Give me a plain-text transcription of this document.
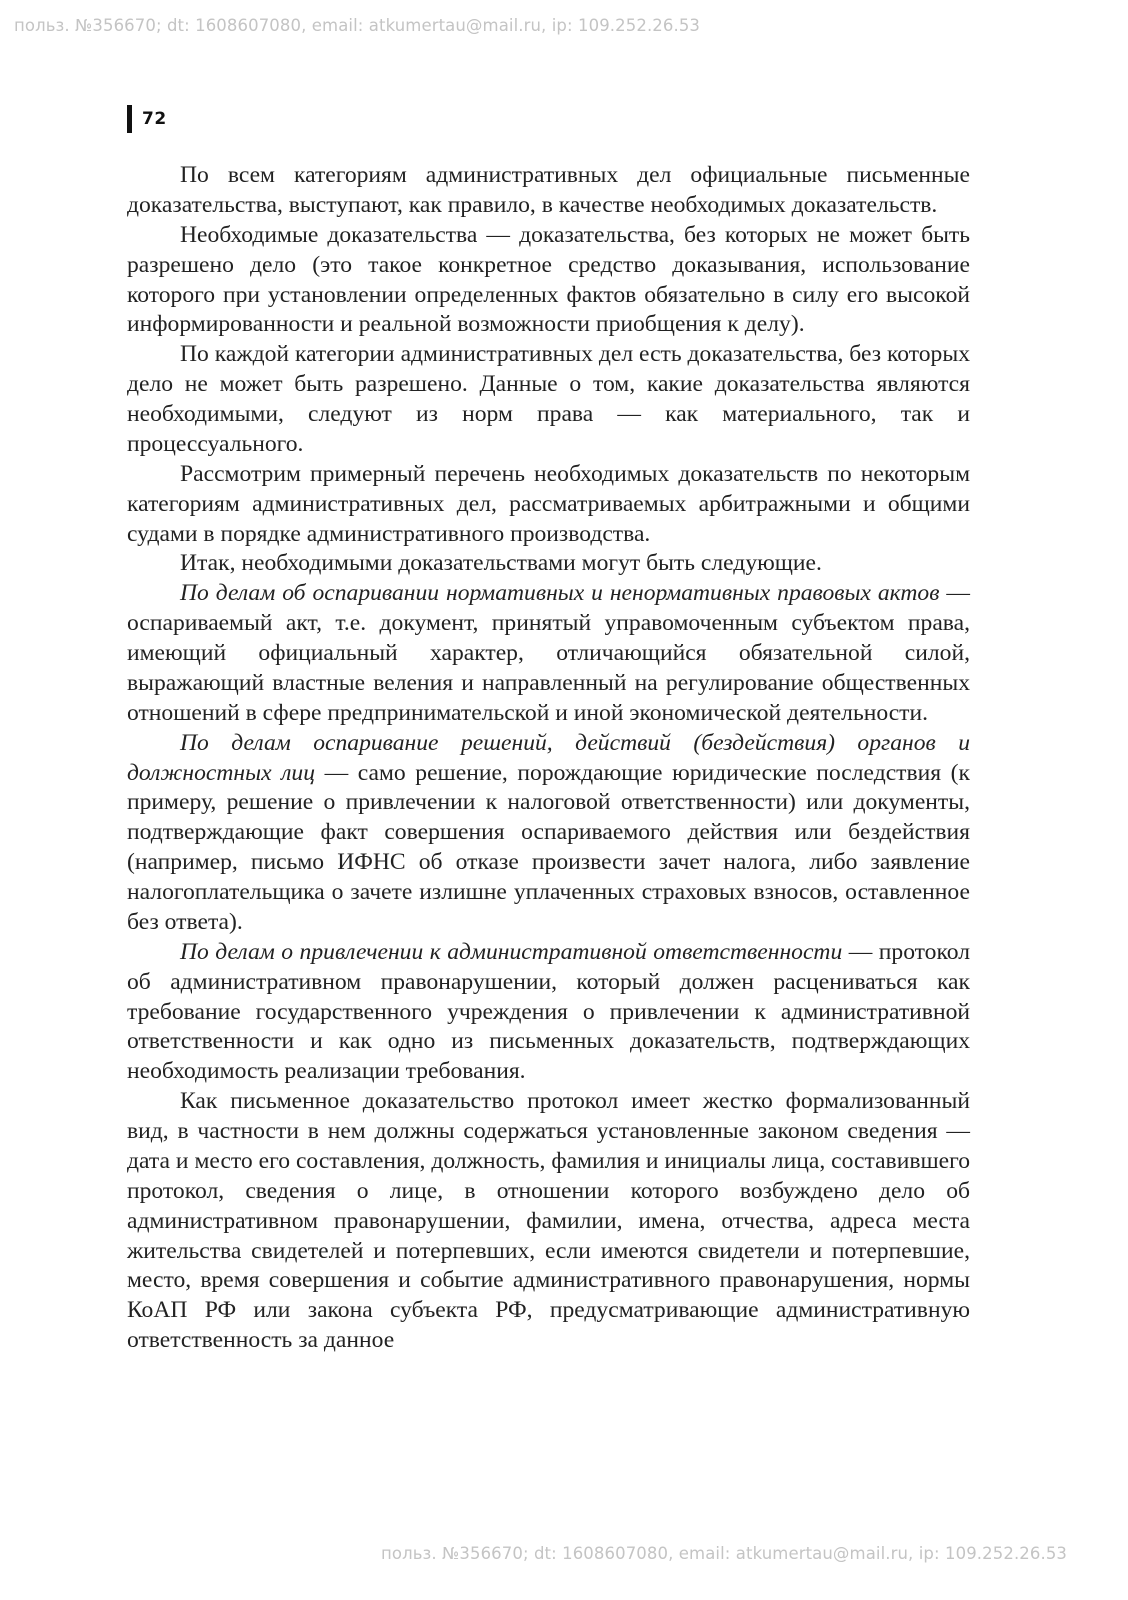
польз. №356670; dt: 1608607080, email: atkumertau@mail.ru, ip: 109.252.26.53
72

По всем категориям административных дел официальные письменные доказательства, выступают, как правило, в качестве необходимых доказательств.

Необходимые доказательства — доказательства, без которых не может быть разрешено дело (это такое конкретное средство доказывания, использование которого при установлении определенных фактов обязательно в силу его высокой информированности и реальной возможности приобщения к делу).

По каждой категории административных дел есть доказательства, без которых дело не может быть разрешено. Данные о том, какие доказательства являются необходимыми, следуют из норм права — как материального, так и процессуального.

Рассмотрим примерный перечень необходимых доказательств по некоторым категориям административных дел, рассматриваемых арбитражными и общими судами в порядке административного производства.

Итак, необходимыми доказательствами могут быть следующие.

По делам об оспаривании нормативных и ненормативных правовых актов — оспариваемый акт, т.е. документ, принятый управомоченным субъектом права, имеющий официальный характер, отличающийся обязательной силой, выражающий властные веления и направленный на регулирование общественных отношений в сфере предпринимательской и иной экономической деятельности.

По делам оспаривание решений, действий (бездействия) органов и должностных лиц — само решение, порождающие юридические последствия (к примеру, решение о привлечении к налоговой ответственности) или документы, подтверждающие факт совершения оспариваемого действия или бездействия (например, письмо ИФНС об отказе произвести зачет налога, либо заявление налогоплательщика о зачете излишне уплаченных страховых взносов, оставленное без ответа).

По делам о привлечении к административной ответственности — протокол об административном правонарушении, который должен расцениваться как требование государственного учреждения о привлечении к административной ответственности и как одно из письменных доказательств, подтверждающих необходимость реализации требования.

Как письменное доказательство протокол имеет жестко формализованный вид, в частности в нем должны содержаться установленные законом сведения — дата и место его составления, должность, фамилия и инициалы лица, составившего протокол, сведения о лице, в отношении которого возбуждено дело об административном правонарушении, фамилии, имена, отчества, адреса места жительства свидетелей и потерпевших, если имеются свидетели и потерпевшие, место, время совершения и событие административного правонарушения, нормы КоАП РФ или закона субъекта РФ, предусматривающие административную ответственность за данное

польз. №356670; dt: 1608607080, email: atkumertau@mail.ru, ip: 109.252.26.53
